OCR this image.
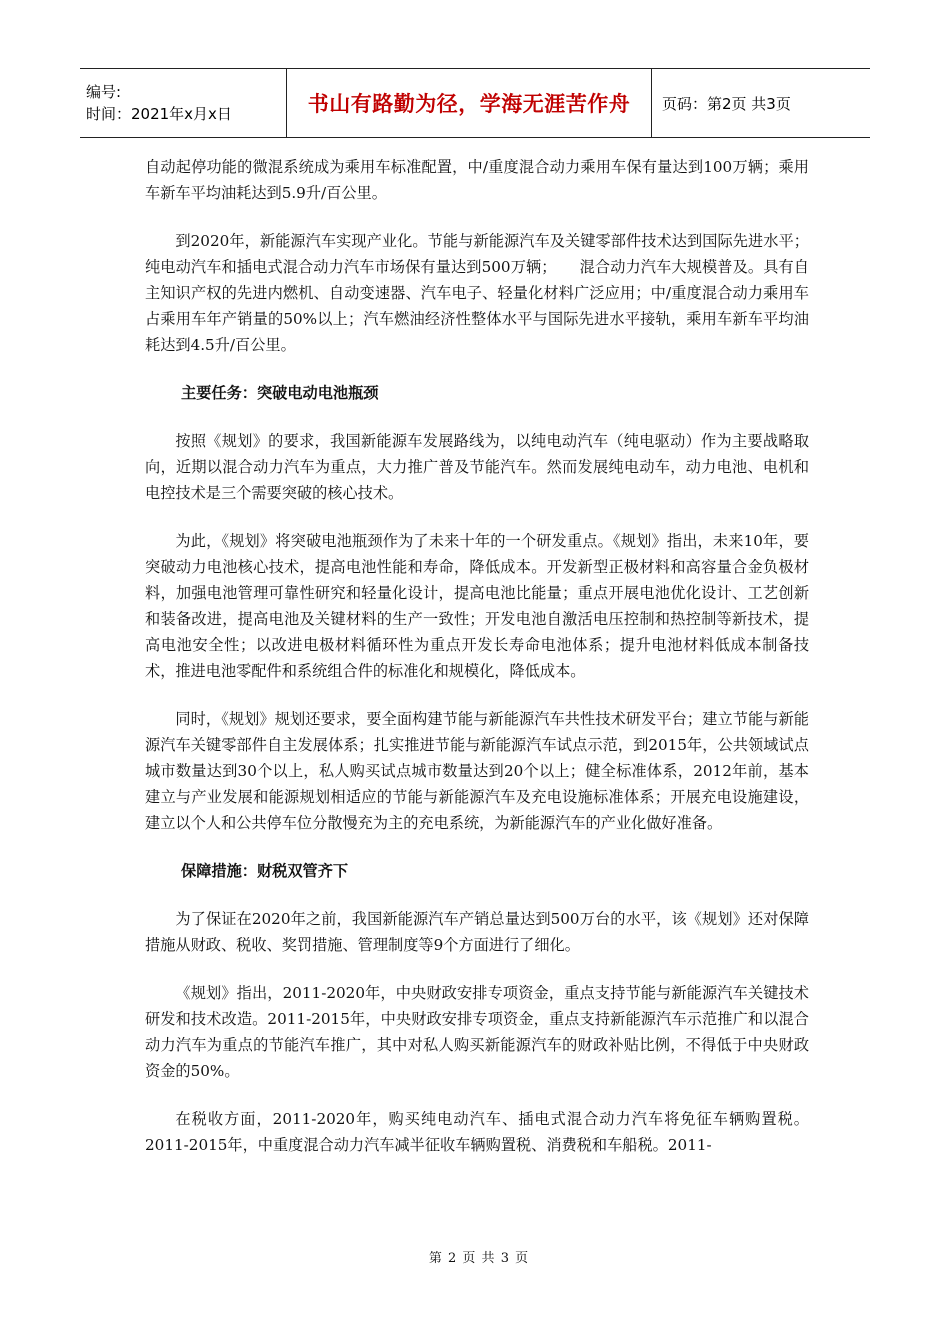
编号:
时间：2021年x月x日	书山有路勤为径，学海无涯苦作舟 页码：第2页 共3页

自动起停功能的微混系统成为乘用车标准配置，中/重度混合动力乘用车保有量达到100万辆；乘用车新车平均油耗达到5.9升/百公里。

到2020年，新能源汽车实现产业化。节能与新能源汽车及关键零部件技术达到国际先进水平；纯电动汽车和插电式混合动力汽车市场保有量达到500万辆；　　混合动力汽车大规模普及。具有自主知识产权的先进内燃机、自动变速器、汽车电子、轻量化材料广泛应用；中/重度混合动力乘用车占乘用车年产销量的50%以上；汽车燃油经济性整体水平与国际先进水平接轨，乘用车新车平均油耗达到4.5升/百公里。

主要任务：突破电动电池瓶颈

按照《规划》的要求，我国新能源车发展路线为，以纯电动汽车（纯电驱动）作为主要战略取向，近期以混合动力汽车为重点，大力推广普及节能汽车。然而发展纯电动车，动力电池、电机和电控技术是三个需要突破的核心技术。

为此，《规划》将突破电池瓶颈作为了未来十年的一个研发重点。《规划》指出，未来10年，要突破动力电池核心技术，提高电池性能和寿命，降低成本。开发新型正极材料和高容量合金负极材料，加强电池管理可靠性研究和轻量化设计，提高电池比能量；重点开展电池优化设计、工艺创新和装备改进，提高电池及关键材料的生产一致性；开发电池自激活电压控制和热控制等新技术，提高电池安全性；以改进电极材料循环性为重点开发长寿命电池体系；提升电池材料低成本制备技术，推进电池零配件和系统组合件的标准化和规模化，降低成本。

同时，《规划》规划还要求，要全面构建节能与新能源汽车共性技术研发平台；建立节能与新能源汽车关键零部件自主发展体系；扎实推进节能与新能源汽车试点示范，到2015年，公共领域试点城市数量达到30个以上，私人购买试点城市数量达到20个以上；健全标准体系，2012年前，基本建立与产业发展和能源规划相适应的节能与新能源汽车及充电设施标准体系；开展充电设施建设，建立以个人和公共停车位分散慢充为主的充电系统，为新能源汽车的产业化做好准备。

保障措施：财税双管齐下

为了保证在2020年之前，我国新能源汽车产销总量达到500万台的水平，该《规划》还对保障措施从财政、税收、奖罚措施、管理制度等9个方面进行了细化。

《规划》指出，2011-2020年，中央财政安排专项资金，重点支持节能与新能源汽车关键技术研发和技术改造。2011-2015年，中央财政安排专项资金，重点支持新能源汽车示范推广和以混合动力汽车为重点的节能汽车推广，其中对私人购买新能源汽车的财政补贴比例，不得低于中央财政资金的50%。

在税收方面，2011-2020年，购买纯电动汽车、插电式混合动力汽车将免征车辆购置税。2011-2015年，中重度混合动力汽车减半征收车辆购置税、消费税和车船税。2011-

第 2 页 共 3 页
